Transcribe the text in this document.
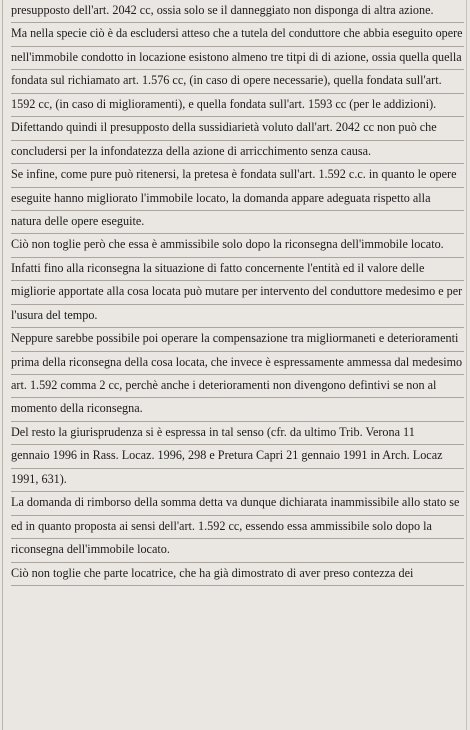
presupposto dell'art. 2042 cc, ossia solo se il danneggiato non disponga di altra azione.
Ma nella specie ciò è da escludersi atteso che a tutela del conduttore che abbia eseguito opere
nell'immobile condotto in locazione esistono almeno tre titpi di di azione, ossia quella quella
fondata sul richiamato art. 1.576 cc, (in caso di opere necessarie), quella fondata sull'art.
1592 cc, (in caso di miglioramenti), e quella fondata sull'art. 1593 cc (per le addizioni).
Difettando quindi il presupposto della sussidiarietà voluto dall'art. 2042 cc non può che
concludersi per la infondatezza della azione di arricchimento senza causa.
Se infine, come pure può ritenersi, la pretesa è fondata sull'art. 1.592 c.c. in quanto le opere
eseguite hanno migliorato l'immobile locato, la domanda appare adeguata rispetto alla
natura delle opere eseguite.
Ciò non toglie però che essa è ammissibile solo dopo la riconsegna dell'immobile locato.
Infatti fino alla riconsegna la situazione di fatto concernente l'entità ed il valore delle
migliorie apportate alla cosa locata può mutare per intervento del conduttore medesimo e per
l'usura del tempo.
Neppure sarebbe possibile poi operare la compensazione tra migliormaneti e deterioramenti
prima della riconsegna della cosa locata, che invece è espressamente ammessa dal medesimo
art. 1.592 comma 2 cc, perchè anche i deterioramenti non divengono defintivi se non al
momento della riconsegna.
Del resto la giurisprudenza si è espressa in tal senso (cfr. da ultimo Trib. Verona 11
gennaio 1996 in Rass. Locaz. 1996, 298 e Pretura Capri 21 gennaio 1991 in Arch. Locaz
1991, 631).
La domanda di rimborso della somma detta va dunque dichiarata inammissibile allo stato se
ed in quanto proposta ai sensi dell'art. 1.592 cc, essendo essa ammissibile solo dopo la
riconsegna dell'immobile locato.
Ciò non toglie che parte locatrice, che ha già dimostrato di aver preso contezza dei
